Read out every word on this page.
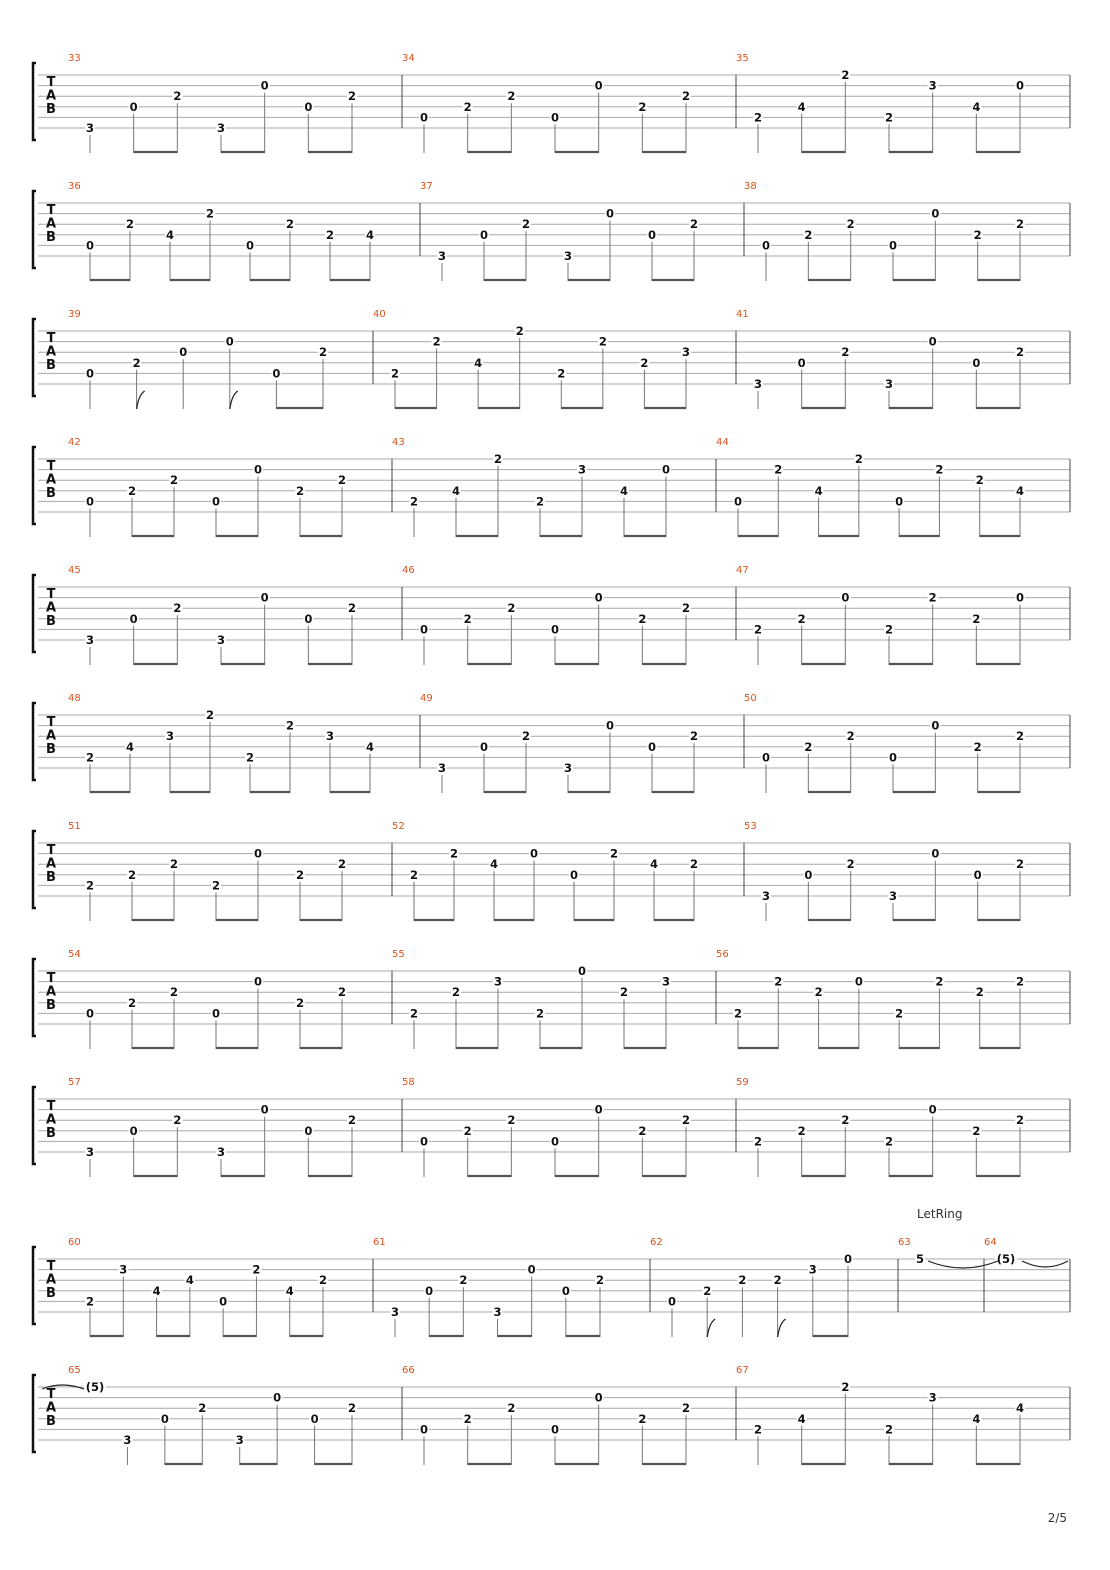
T
A
B
33
3
0
2
3
0
0
2
34
0
2
2
0
0
2
2
35
2
4
2
2
3
4
0
T
A
B
36
0
2
4
2
0
2
2	4
37
3
0
2
3
0
0
2
38
0
2
2
0
0
2
2
T
A
B
39
0
2
0
0
0
2
40
2
2
4
2
2
2
2
3
41
3
0
2
3
0
0
2
T
A
B
42
0
2
2
0
0
2
2
43
2
4
2
2
3
4
0
44
0
2
4
2
0
2
2
4
T
A
B
45
3
0
2
3
0
0
2
46
0
2
2
0
0
2
2
47
2
2
0
2
2
2
0
T
A
B
48
2
4
3
2
2
2
3
4
49
3
0
2
3
0
0
2
50
0
2
2
0
0
2
2
T
A
B
51
2
2
2
2
0
2
2
52
2
2
4
0
0
2
4	2
53
3
0
2
3
0
0
2
T
A
B
54
0
2
2
0
0
2
2
55
2
2
3
2
0
2
3
56
2
2
2
0
2
2
2
2
T
A
B
57
3
0
2
3
0
0
2
58
0
2
2
0
0
2
2
59
2
2
2
2
0
2
2
T
A
B
60
2
3
4
4
0
2
4
2
61
3
0
2
3
0
0
2
62
0
2
2 2
3
0
63
5
64
(5)
T
A
B
65
(5)
3
0
2
3
0
0
2
66
0
2
2
0
0
2
2
67
2
4
2
2
3
4
4
LetRing
2/5
